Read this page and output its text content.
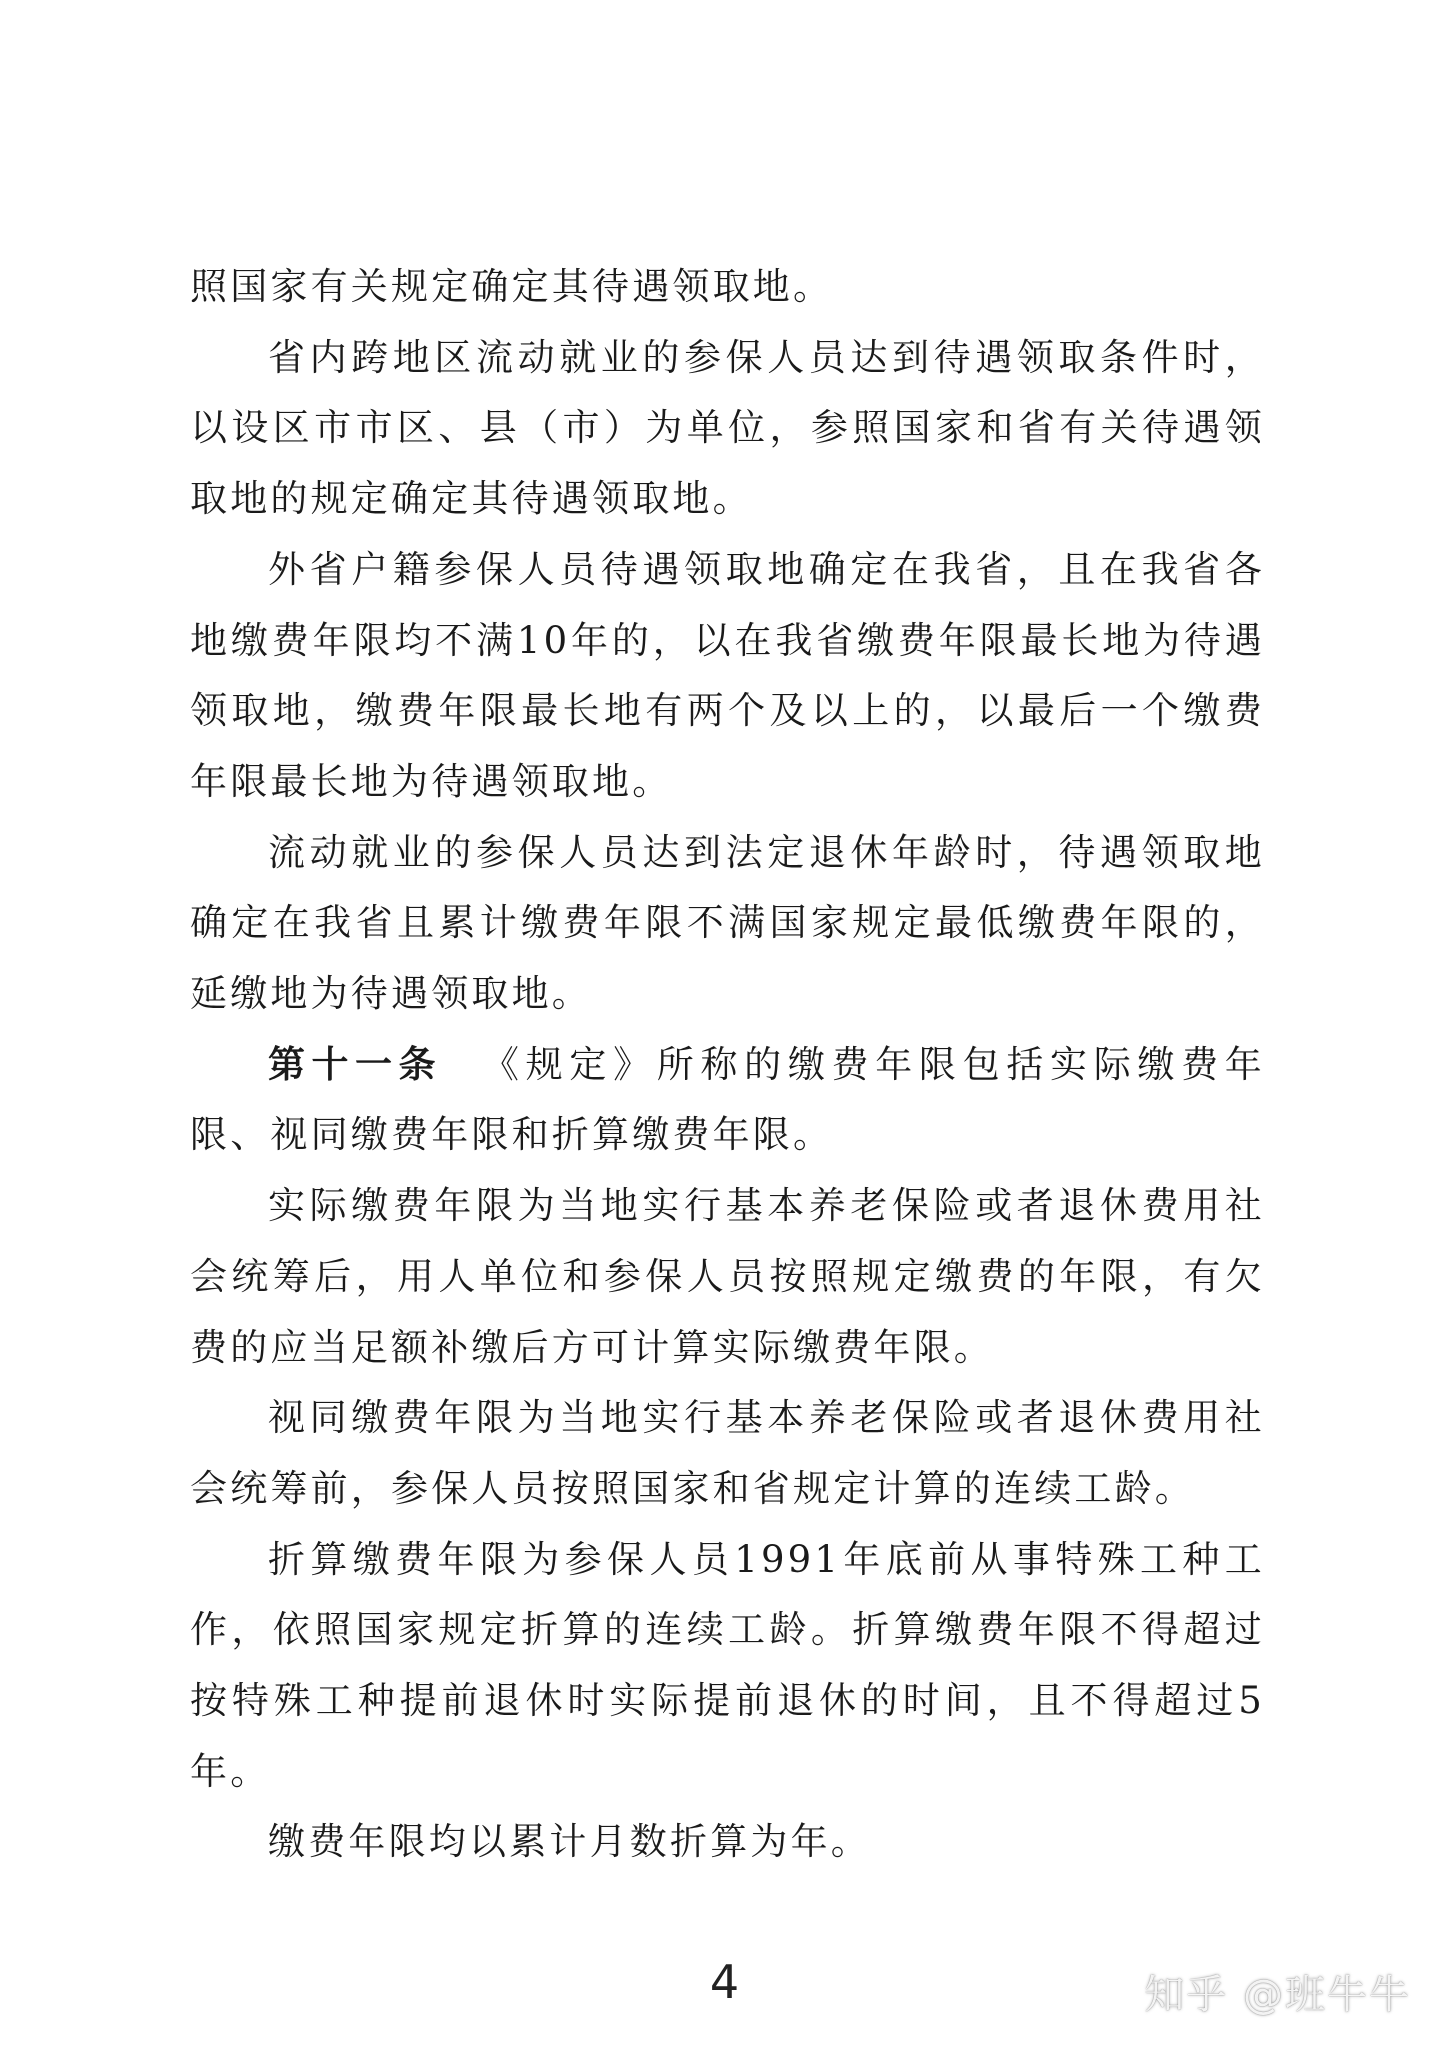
照国家有关规定确定其待遇领取地。

省内跨地区流动就业的参保人员达到待遇领取条件时，以设区市市区、县（市）为单位，参照国家和省有关待遇领取地的规定确定其待遇领取地。

外省户籍参保人员待遇领取地确定在我省，且在我省各地缴费年限均不满10年的，以在我省缴费年限最长地为待遇领取地，缴费年限最长地有两个及以上的，以最后一个缴费年限最长地为待遇领取地。

流动就业的参保人员达到法定退休年龄时，待遇领取地确定在我省且累计缴费年限不满国家规定最低缴费年限的，延缴地为待遇领取地。

第十一条 《规定》所称的缴费年限包括实际缴费年限、视同缴费年限和折算缴费年限。

实际缴费年限为当地实行基本养老保险或者退休费用社会统筹后，用人单位和参保人员按照规定缴费的年限，有欠费的应当足额补缴后方可计算实际缴费年限。

视同缴费年限为当地实行基本养老保险或者退休费用社会统筹前，参保人员按照国家和省规定计算的连续工龄。

折算缴费年限为参保人员1991年底前从事特殊工种工作，依照国家规定折算的连续工龄。折算缴费年限不得超过按特殊工种提前退休时实际提前退休的时间，且不得超过5年。

缴费年限均以累计月数折算为年。

4	知乎 @班牛牛
